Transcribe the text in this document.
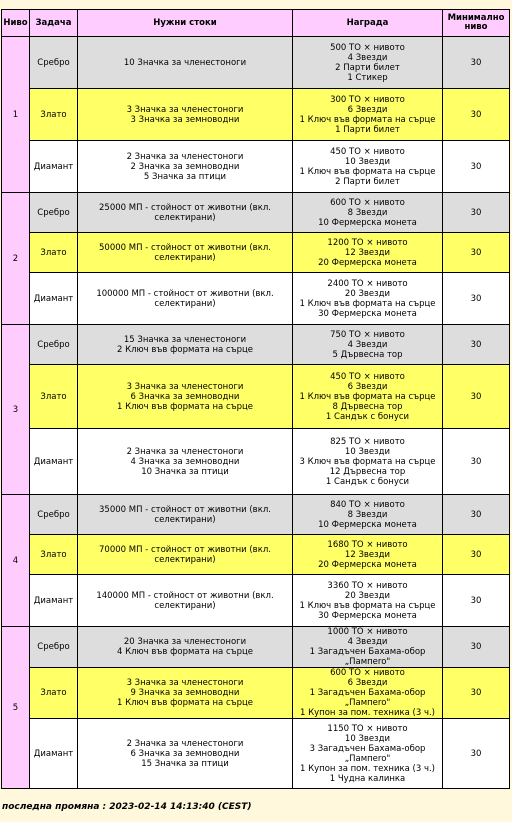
Ниво	Задача	Нужни стоки	Награда	Минимално ниво
1	Сребро	10 Значка за членестоноги	500 ТО × нивото
4 Звезди
2 Парти билет
1 Стикер	30
	Злато	3 Значка за членестоноги
3 Значка за земноводни	300 ТО × нивото
6 Звезди
1 Ключ във формата на сърце
1 Парти билет	30
	Диамант	2 Значка за членестоноги
2 Значка за земноводни
5 Значка за птици	450 ТО × нивото
10 Звезди
1 Ключ във формата на сърце
2 Парти билет	30
2	Сребро	25000 МП - стойност от животни (вкл. селектирани)	600 ТО × нивото
8 Звезди
10 Фермерска монета	30
	Злато	50000 МП - стойност от животни (вкл. селектирани)	1200 ТО × нивото
12 Звезди
20 Фермерска монета	30
	Диамант	100000 МП - стойност от животни (вкл. селектирани)	2400 ТО × нивото
20 Звезди
1 Ключ във формата на сърце
30 Фермерска монета	30
3	Сребро	15 Значка за членестоноги
2 Ключ във формата на сърце	750 ТО × нивото
4 Звезди
5 Дървесна тор	30
	Злато	3 Значка за членестоноги
6 Значка за земноводни
1 Ключ във формата на сърце	450 ТО × нивото
6 Звезди
1 Ключ във формата на сърце
8 Дървесна тор
1 Сандък с бонуси	30
	Диамант	2 Значка за членестоноги
4 Значка за земноводни
10 Значка за птици	825 ТО × нивото
10 Звезди
3 Ключ във формата на сърце
12 Дървесна тор
1 Сандък с бонуси	30
4	Сребро	35000 МП - стойност от животни (вкл. селектирани)	840 ТО × нивото
8 Звезди
10 Фермерска монета	30
	Злато	70000 МП - стойност от животни (вкл. селектирани)	1680 ТО × нивото
12 Звезди
20 Фермерска монета	30
	Диамант	140000 МП - стойност от животни (вкл. селектирани)	3360 ТО × нивото
20 Звезди
1 Ключ във формата на сърце
30 Фермерска монета	30
5	Сребро	20 Значка за членестоноги
4 Ключ във формата на сърце	1000 ТО × нивото
4 Звезди
1 Загадъчен Бахама-обор „Пампero"	30
	Злато	3 Значка за членестоноги
9 Значка за земноводни
1 Ключ във формата на сърце	600 ТО × нивото
6 Звезди
1 Загадъчен Бахама-обор „Пампero"
1 Купон за пом. техника (3 ч.)	30
	Диамант	2 Значка за членестоноги
6 Значка за земноводни
15 Значка за птици	1150 ТО × нивото
10 Звезди
3 Загадъчен Бахама-обор „Пампero"
1 Купон за пом. техника (3 ч.)
1 Чудна калинка	30
последна промяна : 2023-02-14 14:13:40 (CEST)
